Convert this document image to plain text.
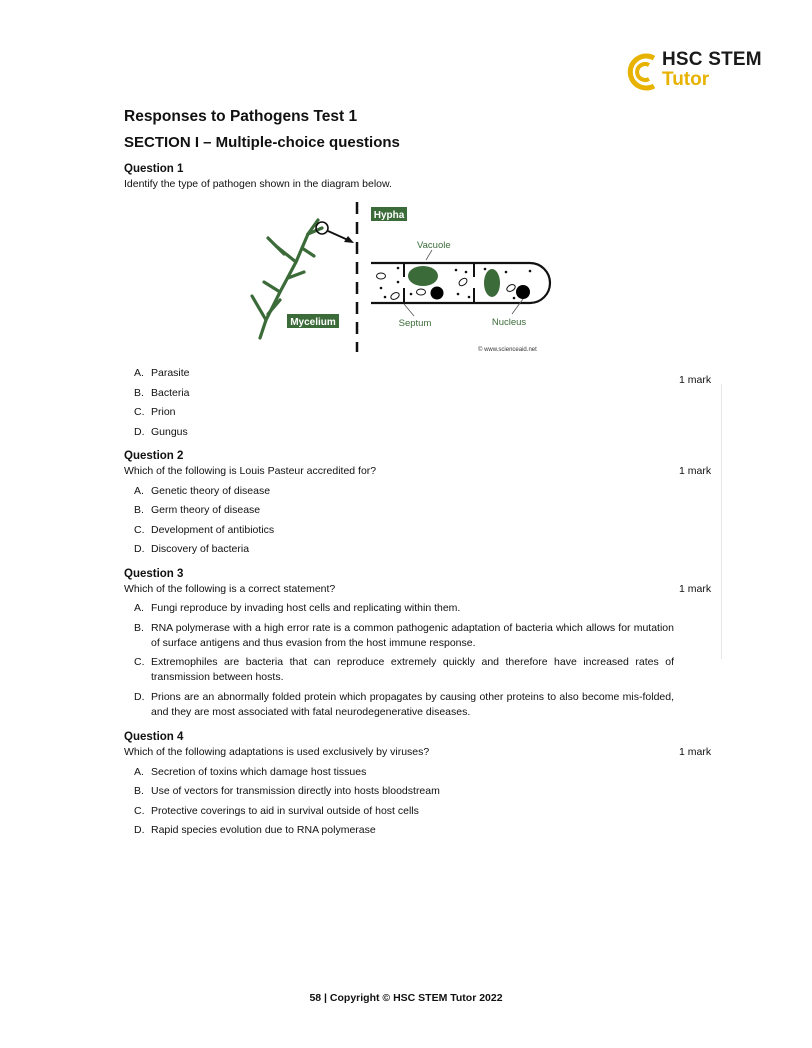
HSC STEM
Tutor
Responses to Pathogens Test 1
SECTION I – Multiple-choice questions

Question 1

Identify the type of pathogen shown in the diagram below.

Hypha
Vacuole
Mycelium	Septum	Nucleus
© www.scienceaid.net
1 mark
A. Parasite
B. Bacteria
C. Prion
D. Gungus

Question 2

Which of the following is Louis Pasteur accredited for?	1 mark
A. Genetic theory of disease
B. Germ theory of disease
C. Development of antibiotics
D. Discovery of bacteria

Question 3

Which of the following is a correct statement?	1 mark
A. Fungi reproduce by invading host cells and replicating within them.
B. RNA polymerase with a high error rate is a common pathogenic adaptation of bacteria which allows for mutation of surface antigens and thus evasion from the host immune response.
C. Extremophiles are bacteria that can reproduce extremely quickly and therefore have increased rates of transmission between hosts.
D. Prions are an abnormally folded protein which propagates by causing other proteins to also become mis-folded, and they are most associated with fatal neurodegenerative diseases.

Question 4

Which of the following adaptations is used exclusively by viruses?	1 mark
A. Secretion of toxins which damage host tissues
B. Use of vectors for transmission directly into hosts bloodstream
C. Protective coverings to aid in survival outside of host cells
D. Rapid species evolution due to RNA polymerase
58 | Copyright © HSC STEM Tutor 2022
